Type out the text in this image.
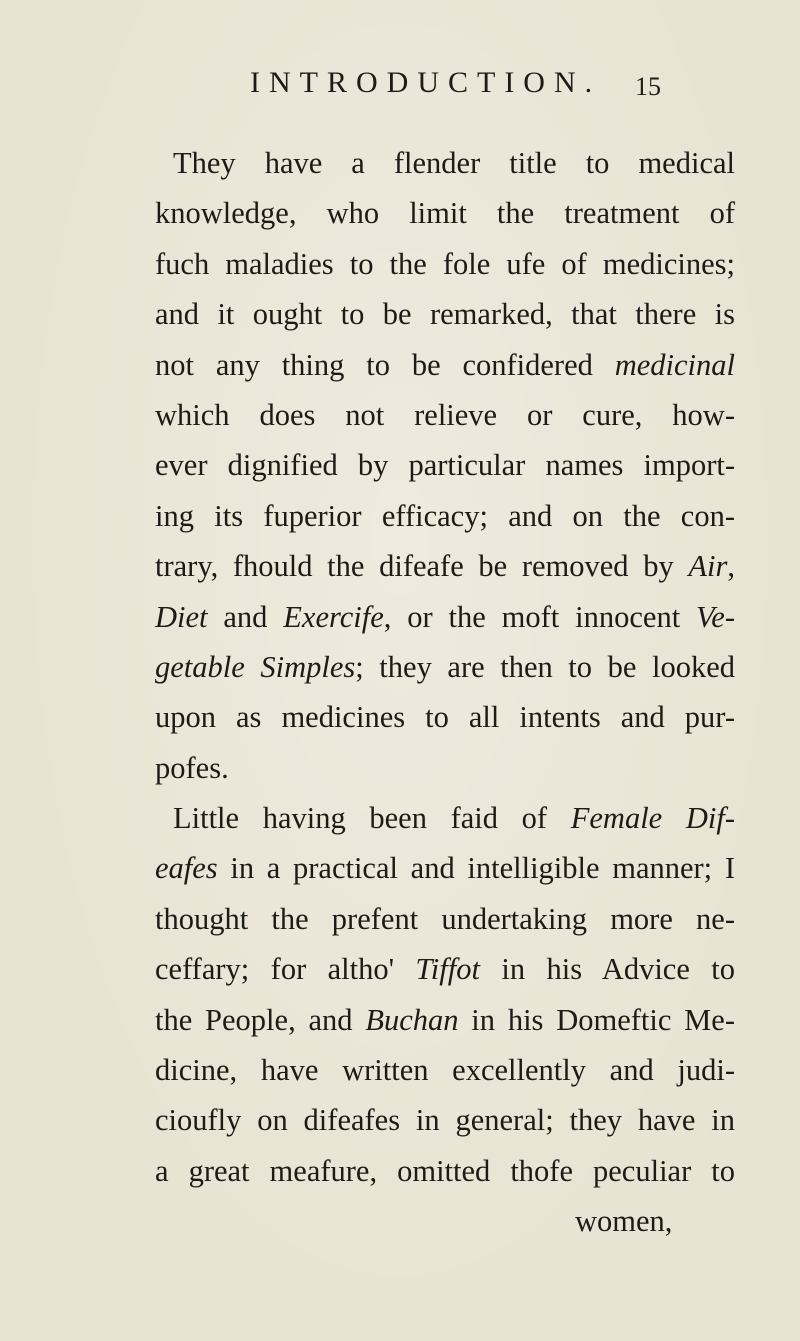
INTRODUCTION. 15
They have a flender title to medical
knowledge, who limit the treatment of
fuch maladies to the fole ufe of medicines;
and it ought to be remarked, that there is
not any thing to be confidered medicinal
which does not relieve or cure, how-
ever dignified by particular names import-
ing its fuperior efficacy; and on the con-
trary, fhould the difeafe be removed by Air,
Diet and Exercife, or the moft innocent Ve-
getable Simples; they are then to be looked
upon as medicines to all intents and pur-
pofes.
Little having been faid of Female Dif-
eafes in a practical and intelligible manner; I
thought the prefent undertaking more ne-
ceffary; for altho' Tiffot in his Advice to
the People, and Buchan in his Domeftic Me-
dicine, have written excellently and judi-
cioufly on difeafes in general; they have in
a great meafure, omitted thofe peculiar to
women,
